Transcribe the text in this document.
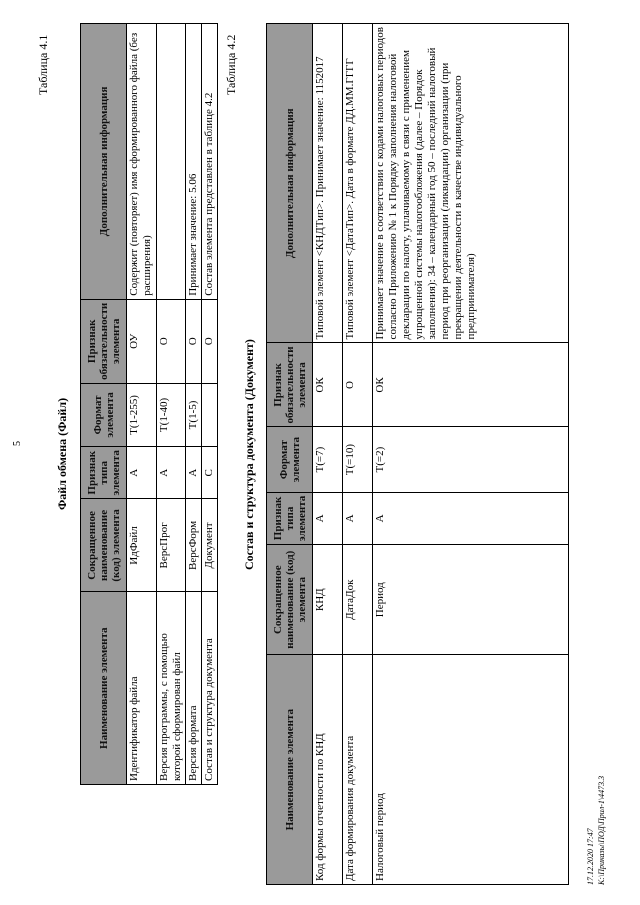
5
Таблица 4.1
Файл обмена (Файл)
Наименование элемента	Сокращенное наименование (код) элемента	Признак типа элемента	Формат элемента	Признак обязательности элемента	Дополнительная информация
Идентификатор файла	ИдФайл	А	Т(1-255)	ОУ	Содержит (повторяет) имя сформированного файла (без расширения)
Версия программы, с помощью которой сформирован файл	ВерсПрог	А	Т(1-40)	О	
Версия формата	ВерсФорм	А	Т(1-5)	О	Принимает значение: 5.06
Состав и структура документа	Документ	С		О	Состав элемента представлен в таблице 4.2
Таблица 4.2
Состав и структура документа (Документ)
Наименование элемента	Сокращенное наименование (код) элемента	Признак типа элемента	Формат элемента	Признак обязательности элемента	Дополнительная информация
Код формы отчетности по КНД	КНД	А	Т(=7)	ОК	Типовой элемент <КНДТип>. Принимает значение: 1152017
Дата формирования документа	ДатаДок	А	Т(=10)	О	Типовой элемент <ДатаТип>. Дата в формате ДД.ММ.ГГГГ
Налоговый период	Период	А	Т(=2)	ОК	Принимает значение в соответствии с кодами налоговых периодов согласно Приложению № 1 к Порядку заполнения налоговой декларации по налогу, уплачиваемому в связи с применением упрощенной системы налогообложения (далее – Порядок заполнения): 34 – календарный год 50 – последний налоговый период при реорганизации (ликвидации) организации (при прекращении деятельности в качестве индивидуального предпринимателя)
17.12.2020 17:47 К:\Приказы\ПОД\Прил-1\4473.3
